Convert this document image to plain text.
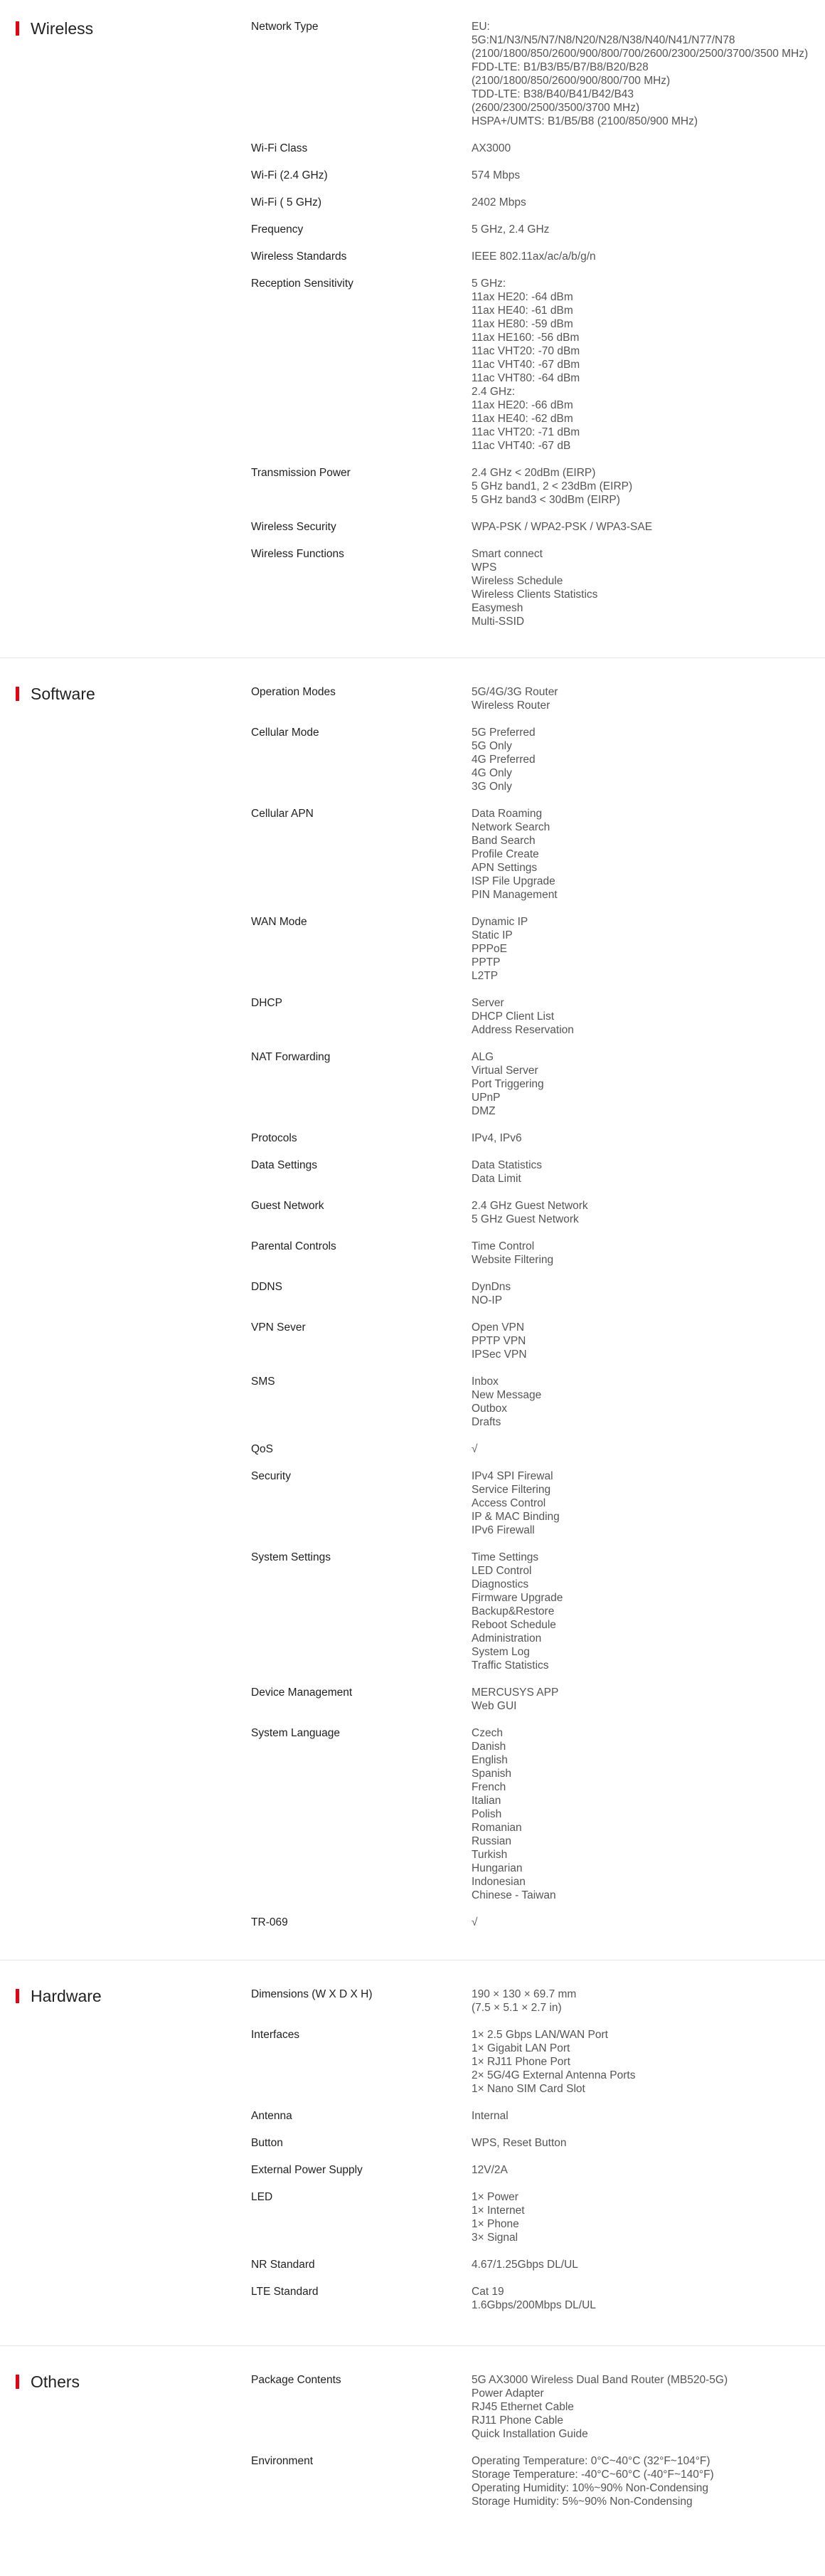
Wireless	Network Type	EU:
5G:N1/N3/N5/N7/N8/N20/N28/N38/N40/N41/N77/N78 (2100/1800/850/2600/900/800/700/2600/2300/2500/3700/3500 MHz)
FDD-LTE: B1/B3/B5/B7/B8/B20/B28
(2100/1800/850/2600/900/800/700 MHz)
TDD-LTE: B38/B40/B41/B42/B43
(2600/2300/2500/3500/3700 MHz)
HSPA+/UMTS: B1/B5/B8 (2100/850/900 MHz)
Wi-Fi Class	AX3000
Wi-Fi (2.4 GHz)	574 Mbps
Wi-Fi ( 5 GHz)	2402 Mbps
Frequency	5 GHz, 2.4 GHz
Wireless Standards	IEEE 802.11ax/ac/a/b/g/n
Reception Sensitivity	5 GHz:
11ax HE20: -64 dBm
11ax HE40: -61 dBm
11ax HE80: -59 dBm
11ax HE160: -56 dBm
11ac VHT20: -70 dBm
11ac VHT40: -67 dBm
11ac VHT80: -64 dBm
2.4 GHz:
11ax HE20: -66 dBm
11ax HE40: -62 dBm
11ac VHT20: -71 dBm
11ac VHT40: -67 dB
Transmission Power	2.4 GHz < 20dBm (EIRP)
5 GHz band1, 2 < 23dBm (EIRP)
5 GHz band3 < 30dBm (EIRP)
Wireless Security	WPA-PSK / WPA2-PSK / WPA3-SAE
Wireless Functions	Smart connect
WPS
Wireless Schedule
Wireless Clients Statistics
Easymesh
Multi-SSID
Software	Operation Modes	5G/4G/3G Router
Wireless Router
Cellular Mode	5G Preferred
5G Only
4G Preferred
4G Only
3G Only
Cellular APN	Data Roaming
Network Search
Band Search
Profile Create
APN Settings
ISP File Upgrade
PIN Management
WAN Mode	Dynamic IP
Static IP
PPPoE
PPTP
L2TP
DHCP	Server
DHCP Client List
Address Reservation
NAT Forwarding	ALG
Virtual Server
Port Triggering
UPnP
DMZ
Protocols	IPv4, IPv6
Data Settings	Data Statistics
Data Limit
Guest Network	2.4 GHz Guest Network
5 GHz Guest Network
Parental Controls	Time Control
Website Filtering
DDNS	DynDns
NO-IP
VPN Sever	Open VPN
PPTP VPN
IPSec VPN
SMS	Inbox
New Message
Outbox
Drafts
QoS	√
Security	IPv4 SPI Firewal
Service Filtering
Access Control
IP & MAC Binding
IPv6 Firewall
System Settings	Time Settings
LED Control
Diagnostics
Firmware Upgrade
Backup&Restore
Reboot Schedule
Administration
System Log
Traffic Statistics
Device Management	MERCUSYS APP
Web GUI
System Language	Czech
Danish
English
Spanish
French
Italian
Polish
Romanian
Russian
Turkish
Hungarian
Indonesian
Chinese - Taiwan
TR-069	√
Hardware	Dimensions (W X D X H)	190 × 130 × 69.7 mm
(7.5 × 5.1 × 2.7 in)
Interfaces	1× 2.5 Gbps LAN/WAN Port
1× Gigabit LAN Port
1× RJ11 Phone Port
2× 5G/4G External Antenna Ports
1× Nano SIM Card Slot
Antenna	Internal
Button	WPS, Reset Button
External Power Supply	12V/2A
LED	1× Power
1× Internet
1× Phone
3× Signal
NR Standard	4.67/1.25Gbps DL/UL
LTE Standard	Cat 19
1.6Gbps/200Mbps DL/UL
Others	Package Contents	5G AX3000 Wireless Dual Band Router (MB520-5G)
Power Adapter
RJ45 Ethernet Cable
RJ11 Phone Cable
Quick Installation Guide
Environment	Operating Temperature: 0°C~40°C (32°F~104°F)
Storage Temperature: -40°C~60°C (-40°F~140°F)
Operating Humidity: 10%~90% Non-Condensing
Storage Humidity: 5%~90% Non-Condensing
